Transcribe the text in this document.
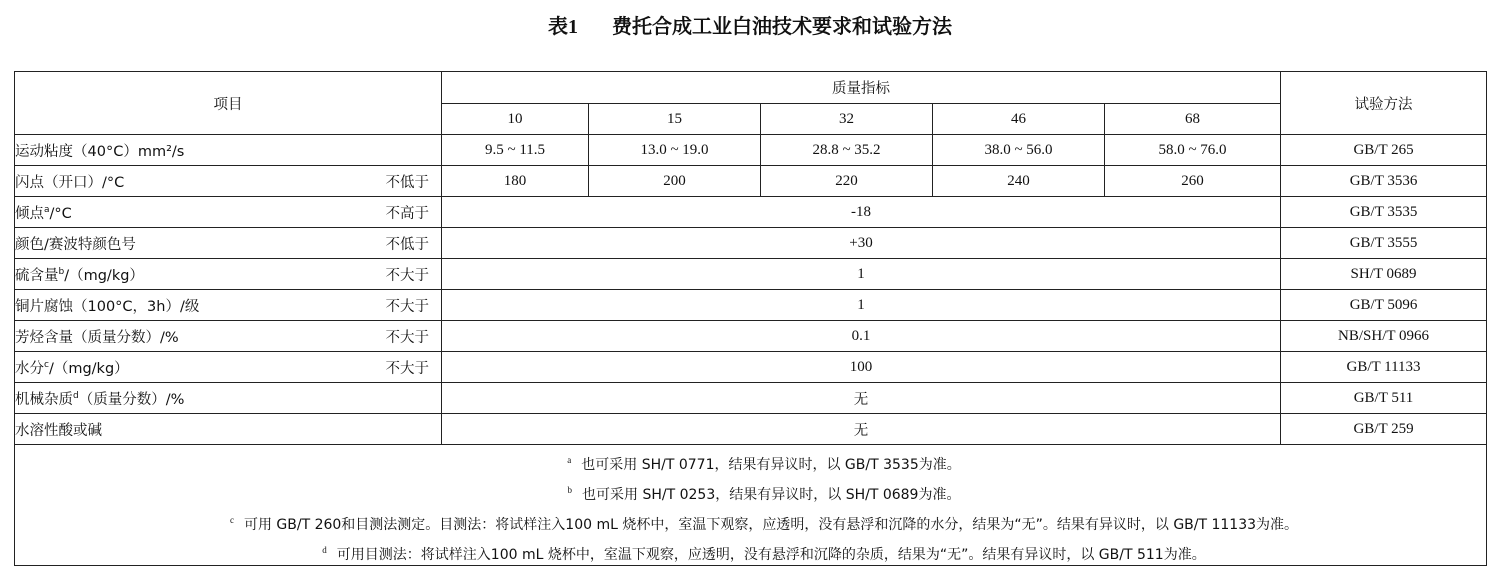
表1 费托合成工业白油技术要求和试验方法
项目	质量指标					试验方法
	10	15	32	46	68	

运动粘度（40°C）mm²/s	9.5 ~ 11.5	13.0 ~ 19.0	28.8 ~ 35.2	38.0 ~ 56.0	58.0 ~ 76.0	GB/T 265

闪点（开口）/°C 不低于	180	200	220	240	260	GB/T 3536

倾点$^a$/°C 不高于	-18					GB/T 3535

颜色/赛波特颜色号 不低于	+30					GB/T 3555

硫含量$^b$/（mg/kg） 不大于	1					SH/T 0689

铜片腐蚀（100°C，3h）/级 不大于	1					GB/T 5096

芳烃含量（质量分数）/% 不大于	0.1					NB/SH/T 0966

水分$^c$/（mg/kg） 不大于	100					GB/T 11133

机械杂质$^d$（质量分数）/%	无					GB/T 511

水溶性酸或碱	无					GB/T 259

$^a$ 也可采用 SH/T 0771，结果有异议时，以 GB/T 3535为准。
$^b$ 也可采用 SH/T 0253，结果有异议时，以 SH/T 0689为准。
$^c$ 可用 GB/T 260和目测法测定。目测法：将试样注入100 mL 烧杯中，室温下观察，应透明，没有悬浮和沉降的水分，结果为“无”。结果有异议时，以 GB/T 11133为准。
$^d$ 可用目测法：将试样注入100 mL 烧杯中，室温下观察，应透明，没有悬浮和沉降的杂质，结果为“无”。结果有异议时，以 GB/T 511为准。						
